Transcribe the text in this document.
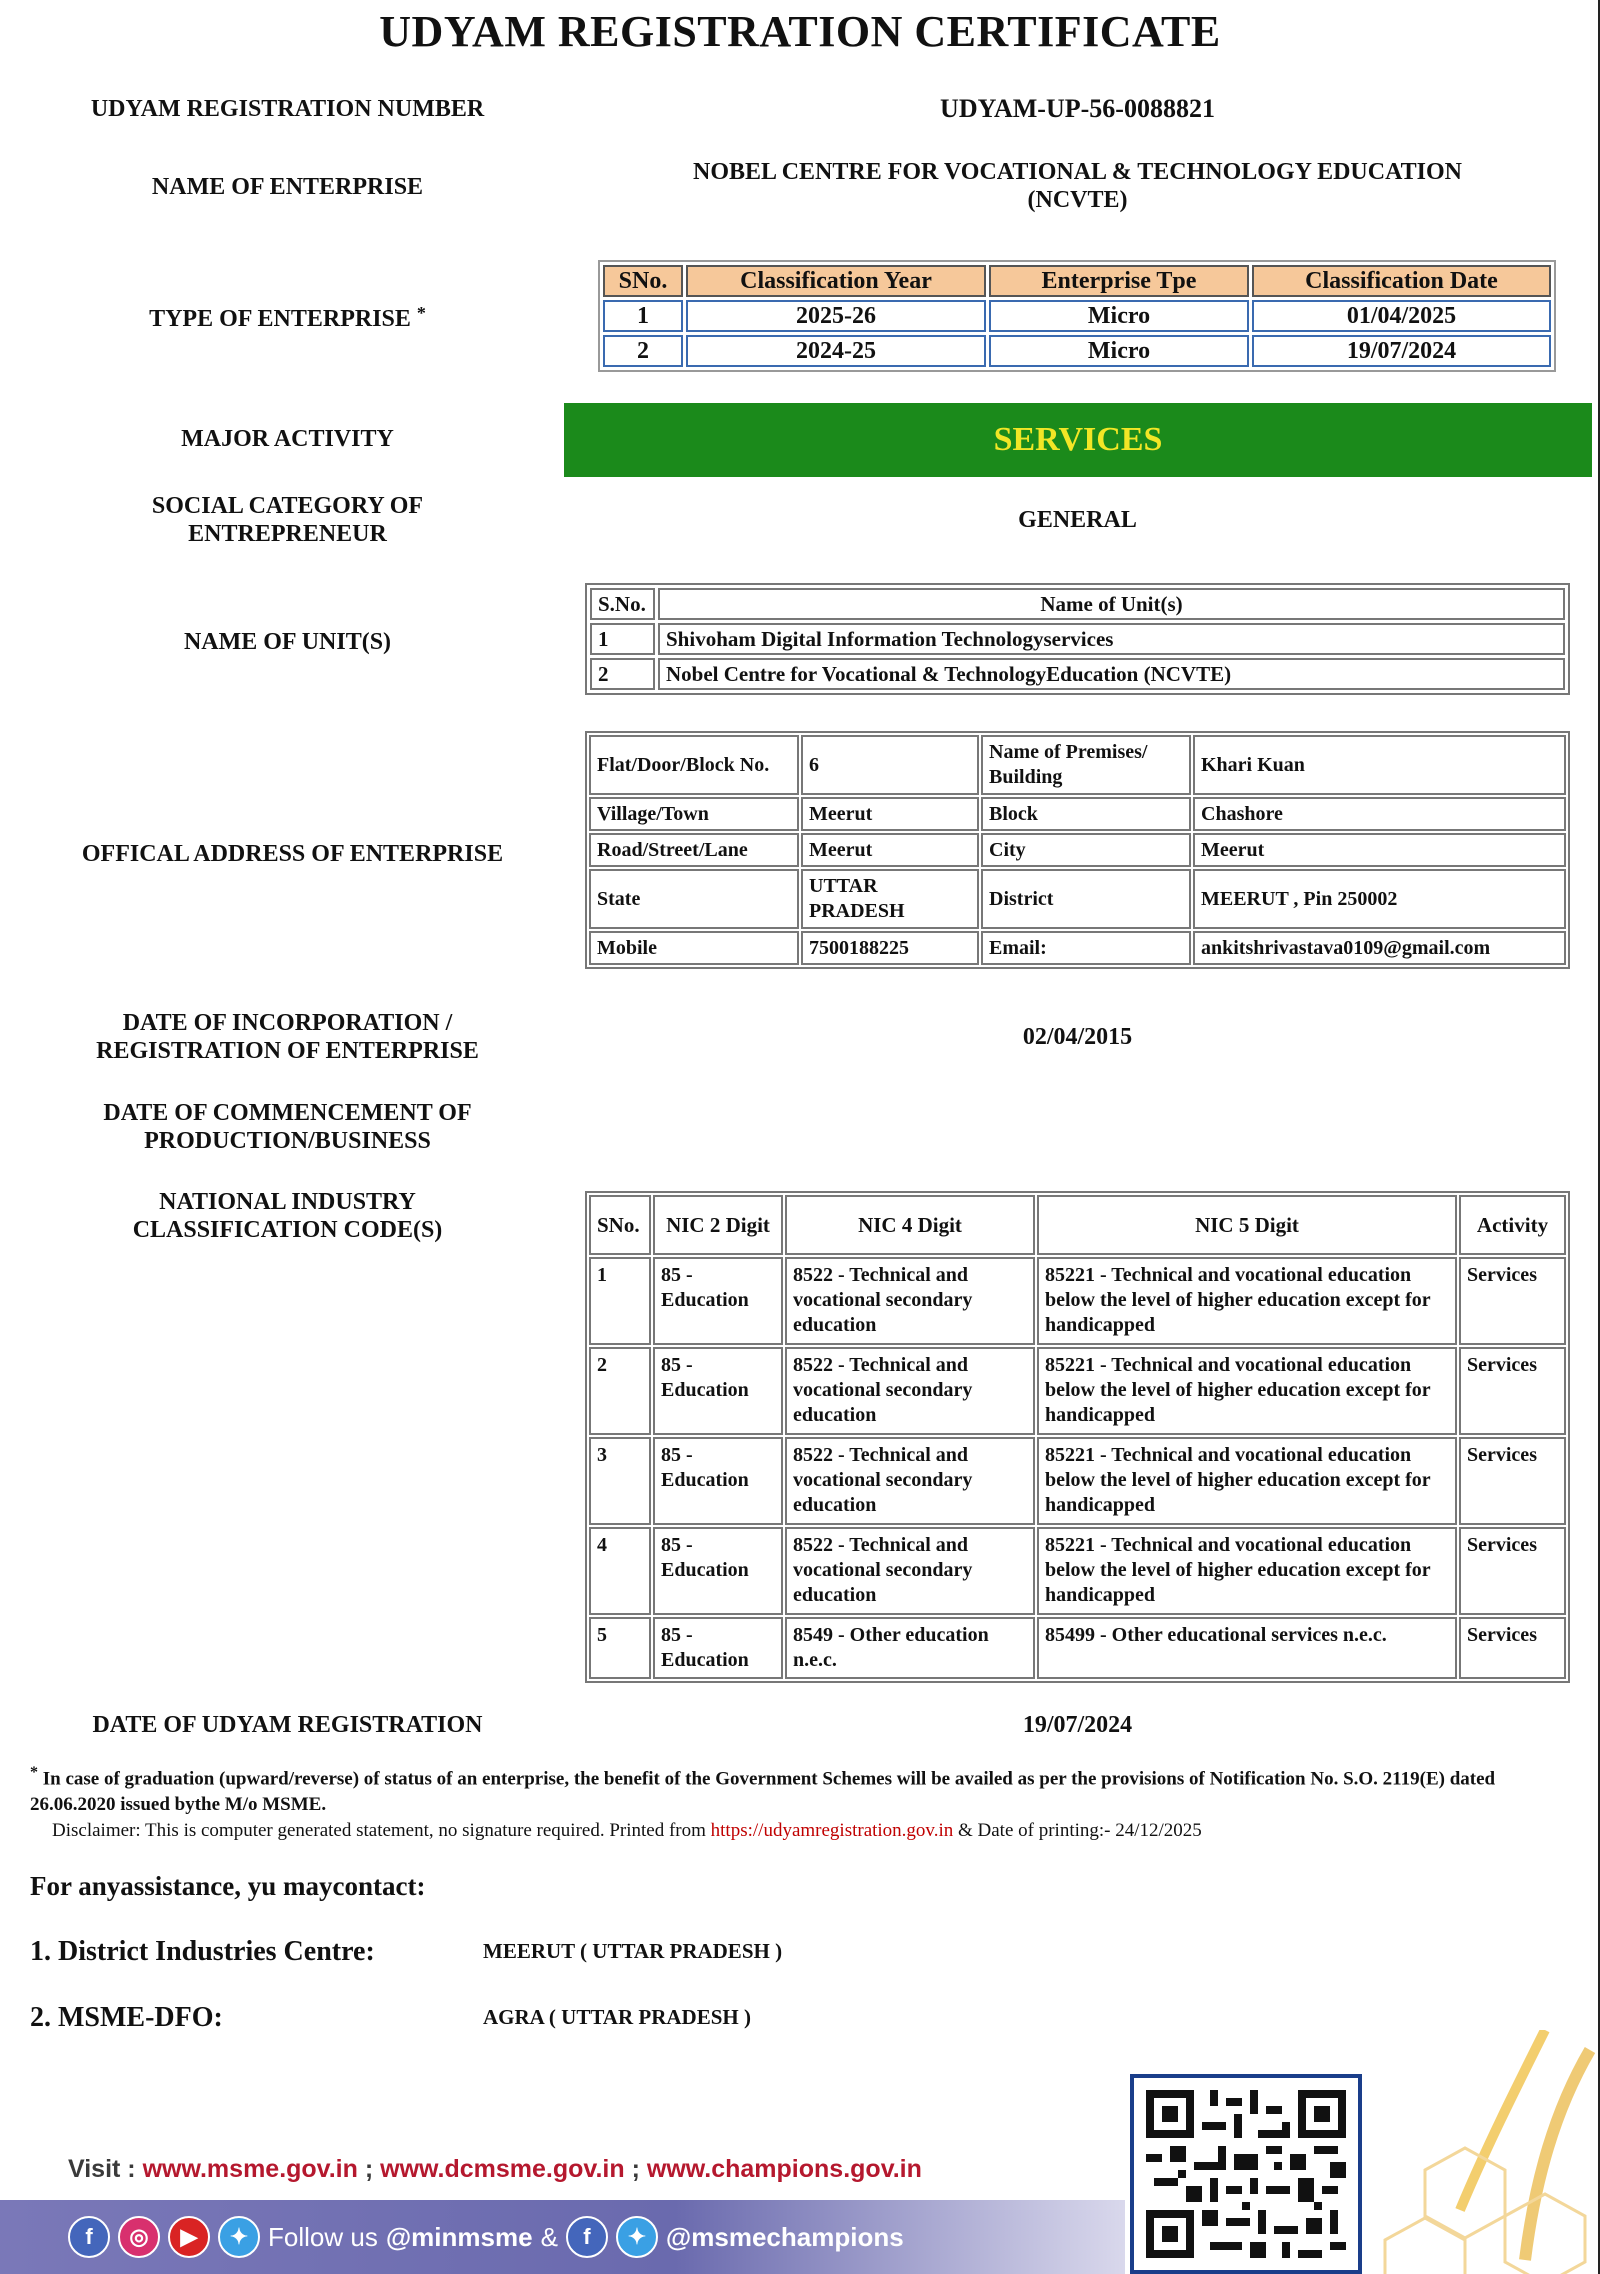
UDYAM REGISTRATION CERTIFICATE
UDYAM REGISTRATION NUMBER	UDYAM-UP-56-0088821
NAME OF ENTERPRISE
NOBEL CENTRE FOR VOCATIONAL & TECHNOLOGY EDUCATION
(NCVTE)
TYPE OF ENTERPRISE *
SNo.	Classification Year	Enterprise Tpe	Classification Date
1	2025-26	Micro	01/04/2025
2	2024-25	Micro	19/07/2024
MAJOR ACTIVITY	SERVICES
SOCIAL CATEGORY OF
ENTREPRENEUR
GENERAL
NAME OF UNIT(S)
S.No.	Name of Unit(s)
1	Shivoham Digital Information Technologyservices
2	Nobel Centre for Vocational & TechnologyEducation (NCVTE)
OFFICAL ADDRESS OF ENTERPRISE
Flat/Door/Block No.	6	Name of Premises/ Building	Khari Kuan
Village/Town	Meerut	Block	Chashore
Road/Street/Lane	Meerut	City	Meerut
State	UTTAR PRADESH	District	MEERUT , Pin 250002
Mobile	7500188225	Email:	ankitshrivastava0109@gmail.com
DATE OF INCORPORATION /
REGISTRATION OF ENTERPRISE
02/04/2015
DATE OF COMMENCEMENT OF
PRODUCTION/BUSINESS
NATIONAL INDUSTRY
CLASSIFICATION CODE(S)	SNo.	NIC 2 Digit	NIC 4 Digit	NIC 5 Digit	Activity
1	85 - Education	8522 - Technical and vocational secondary education	85221 - Technical and vocational education below the level of higher education except for handicapped	Services
2	85 - Education	8522 - Technical and vocational secondary education	85221 - Technical and vocational education below the level of higher education except for handicapped	Services
3	85 - Education	8522 - Technical and vocational secondary education	85221 - Technical and vocational education below the level of higher education except for handicapped	Services
4	85 - Education	8522 - Technical and vocational secondary education	85221 - Technical and vocational education below the level of higher education except for handicapped	Services
5	85 - Education	8549 - Other education n.e.c.	85499 - Other educational services n.e.c.	Services
DATE OF UDYAM REGISTRATION	19/07/2024
* In case of graduation (upward/reverse) of status of an enterprise, the benefit of the Government Schemes will be availed as per the provisions of Notification No. S.O. 2119(E) dated 26.06.2020 issued bythe M/o MSME.
Disclaimer: This is computer generated statement, no signature required. Printed from https://udyamregistration.gov.in & Date of printing:- 24/12/2025
For anyassistance, yu maycontact:
1. District Industries Centre:	MEERUT ( UTTAR PRADESH )
2. MSME-DFO:	AGRA ( UTTAR PRADESH )
Visit : www.msme.gov.in ; www.dcmsme.gov.in ; www.champions.gov.in
f	◎	▶	✦ Follow us @minmsme &	f	✦ @msmechampions
